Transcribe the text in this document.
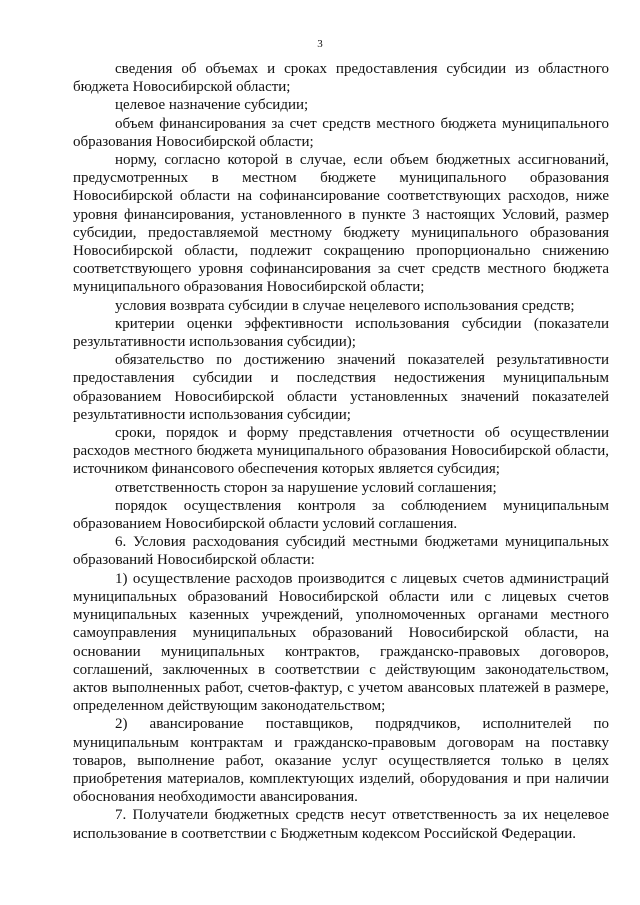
3

сведения об объемах и сроках предоставления субсидии из областного бюджета Новосибирской области;

целевое назначение субсидии;

объем финансирования за счет средств местного бюджета муниципального образования Новосибирской области;

норму, согласно которой в случае, если объем бюджетных ассигнований, предусмотренных в местном бюджете муниципального образования Новосибирской области на софинансирование соответствующих расходов, ниже уровня финансирования, установленного в пункте 3 настоящих Условий, размер субсидии, предоставляемой местному бюджету муниципального образования Новосибирской области, подлежит сокращению пропорционально снижению соответствующего уровня софинансирования за счет средств местного бюджета муниципального образования Новосибирской области;

условия возврата субсидии в случае нецелевого использования средств;

критерии оценки эффективности использования субсидии (показатели результативности использования субсидии);

обязательство по достижению значений показателей результативности предоставления субсидии и последствия недостижения муниципальным образованием Новосибирской области установленных значений показателей результативности использования субсидии;

сроки, порядок и форму представления отчетности об осуществлении расходов местного бюджета муниципального образования Новосибирской области, источником финансового обеспечения которых является субсидия;

ответственность сторон за нарушение условий соглашения;

порядок осуществления контроля за соблюдением муниципальным образованием Новосибирской области условий соглашения.

6. Условия расходования субсидий местными бюджетами муниципальных образований Новосибирской области:

1) осуществление расходов производится с лицевых счетов администраций муниципальных образований Новосибирской области или с лицевых счетов муниципальных казенных учреждений, уполномоченных органами местного самоуправления муниципальных образований Новосибирской области, на основании муниципальных контрактов, гражданско-правовых договоров, соглашений, заключенных в соответствии с действующим законодательством, актов выполненных работ, счетов-фактур, с учетом авансовых платежей в размере, определенном действующим законодательством;

2) авансирование поставщиков, подрядчиков, исполнителей по муниципальным контрактам и гражданско-правовым договорам на поставку товаров, выполнение работ, оказание услуг осуществляется только в целях приобретения материалов, комплектующих изделий, оборудования и при наличии обоснования необходимости авансирования.

7. Получатели бюджетных средств несут ответственность за их нецелевое использование в соответствии с Бюджетным кодексом Российской Федерации.
